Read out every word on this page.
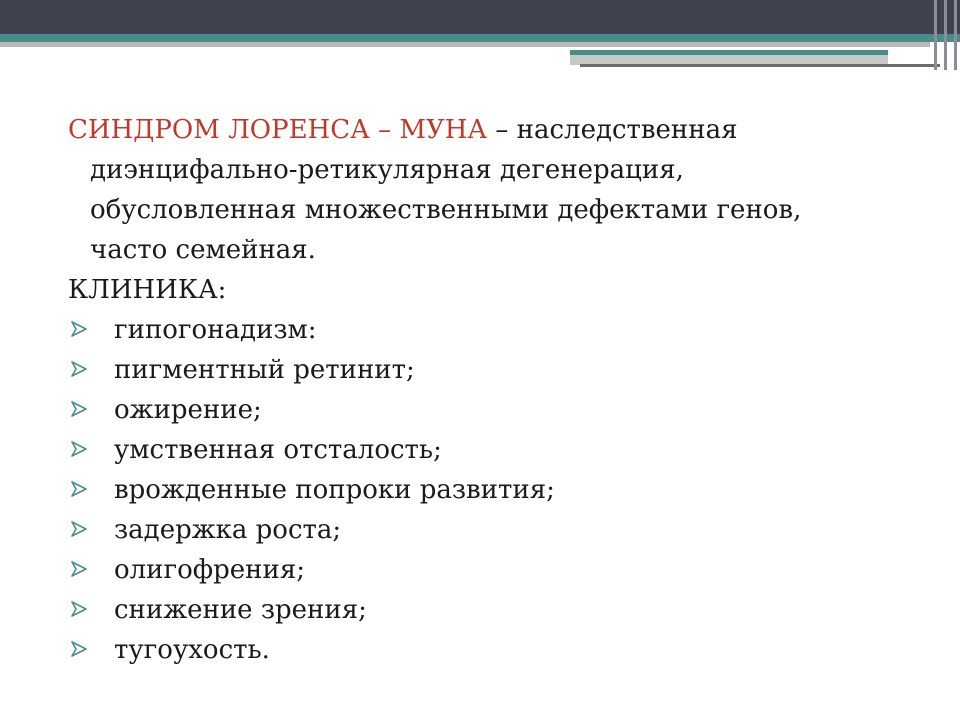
СИНДРОМ ЛОРЕНСА – МУНА – наследственная
диэнцифально-ретикулярная дегенерация,
обусловленная множественными дефектами генов,
часто семейная.

КЛИНИКА:

гипогонадизм:
пигментный ретинит;
ожирение;
умственная отсталость;
врожденные попроки развития;
задержка роста;
олигофрения;
снижение зрения;
тугоухость.
